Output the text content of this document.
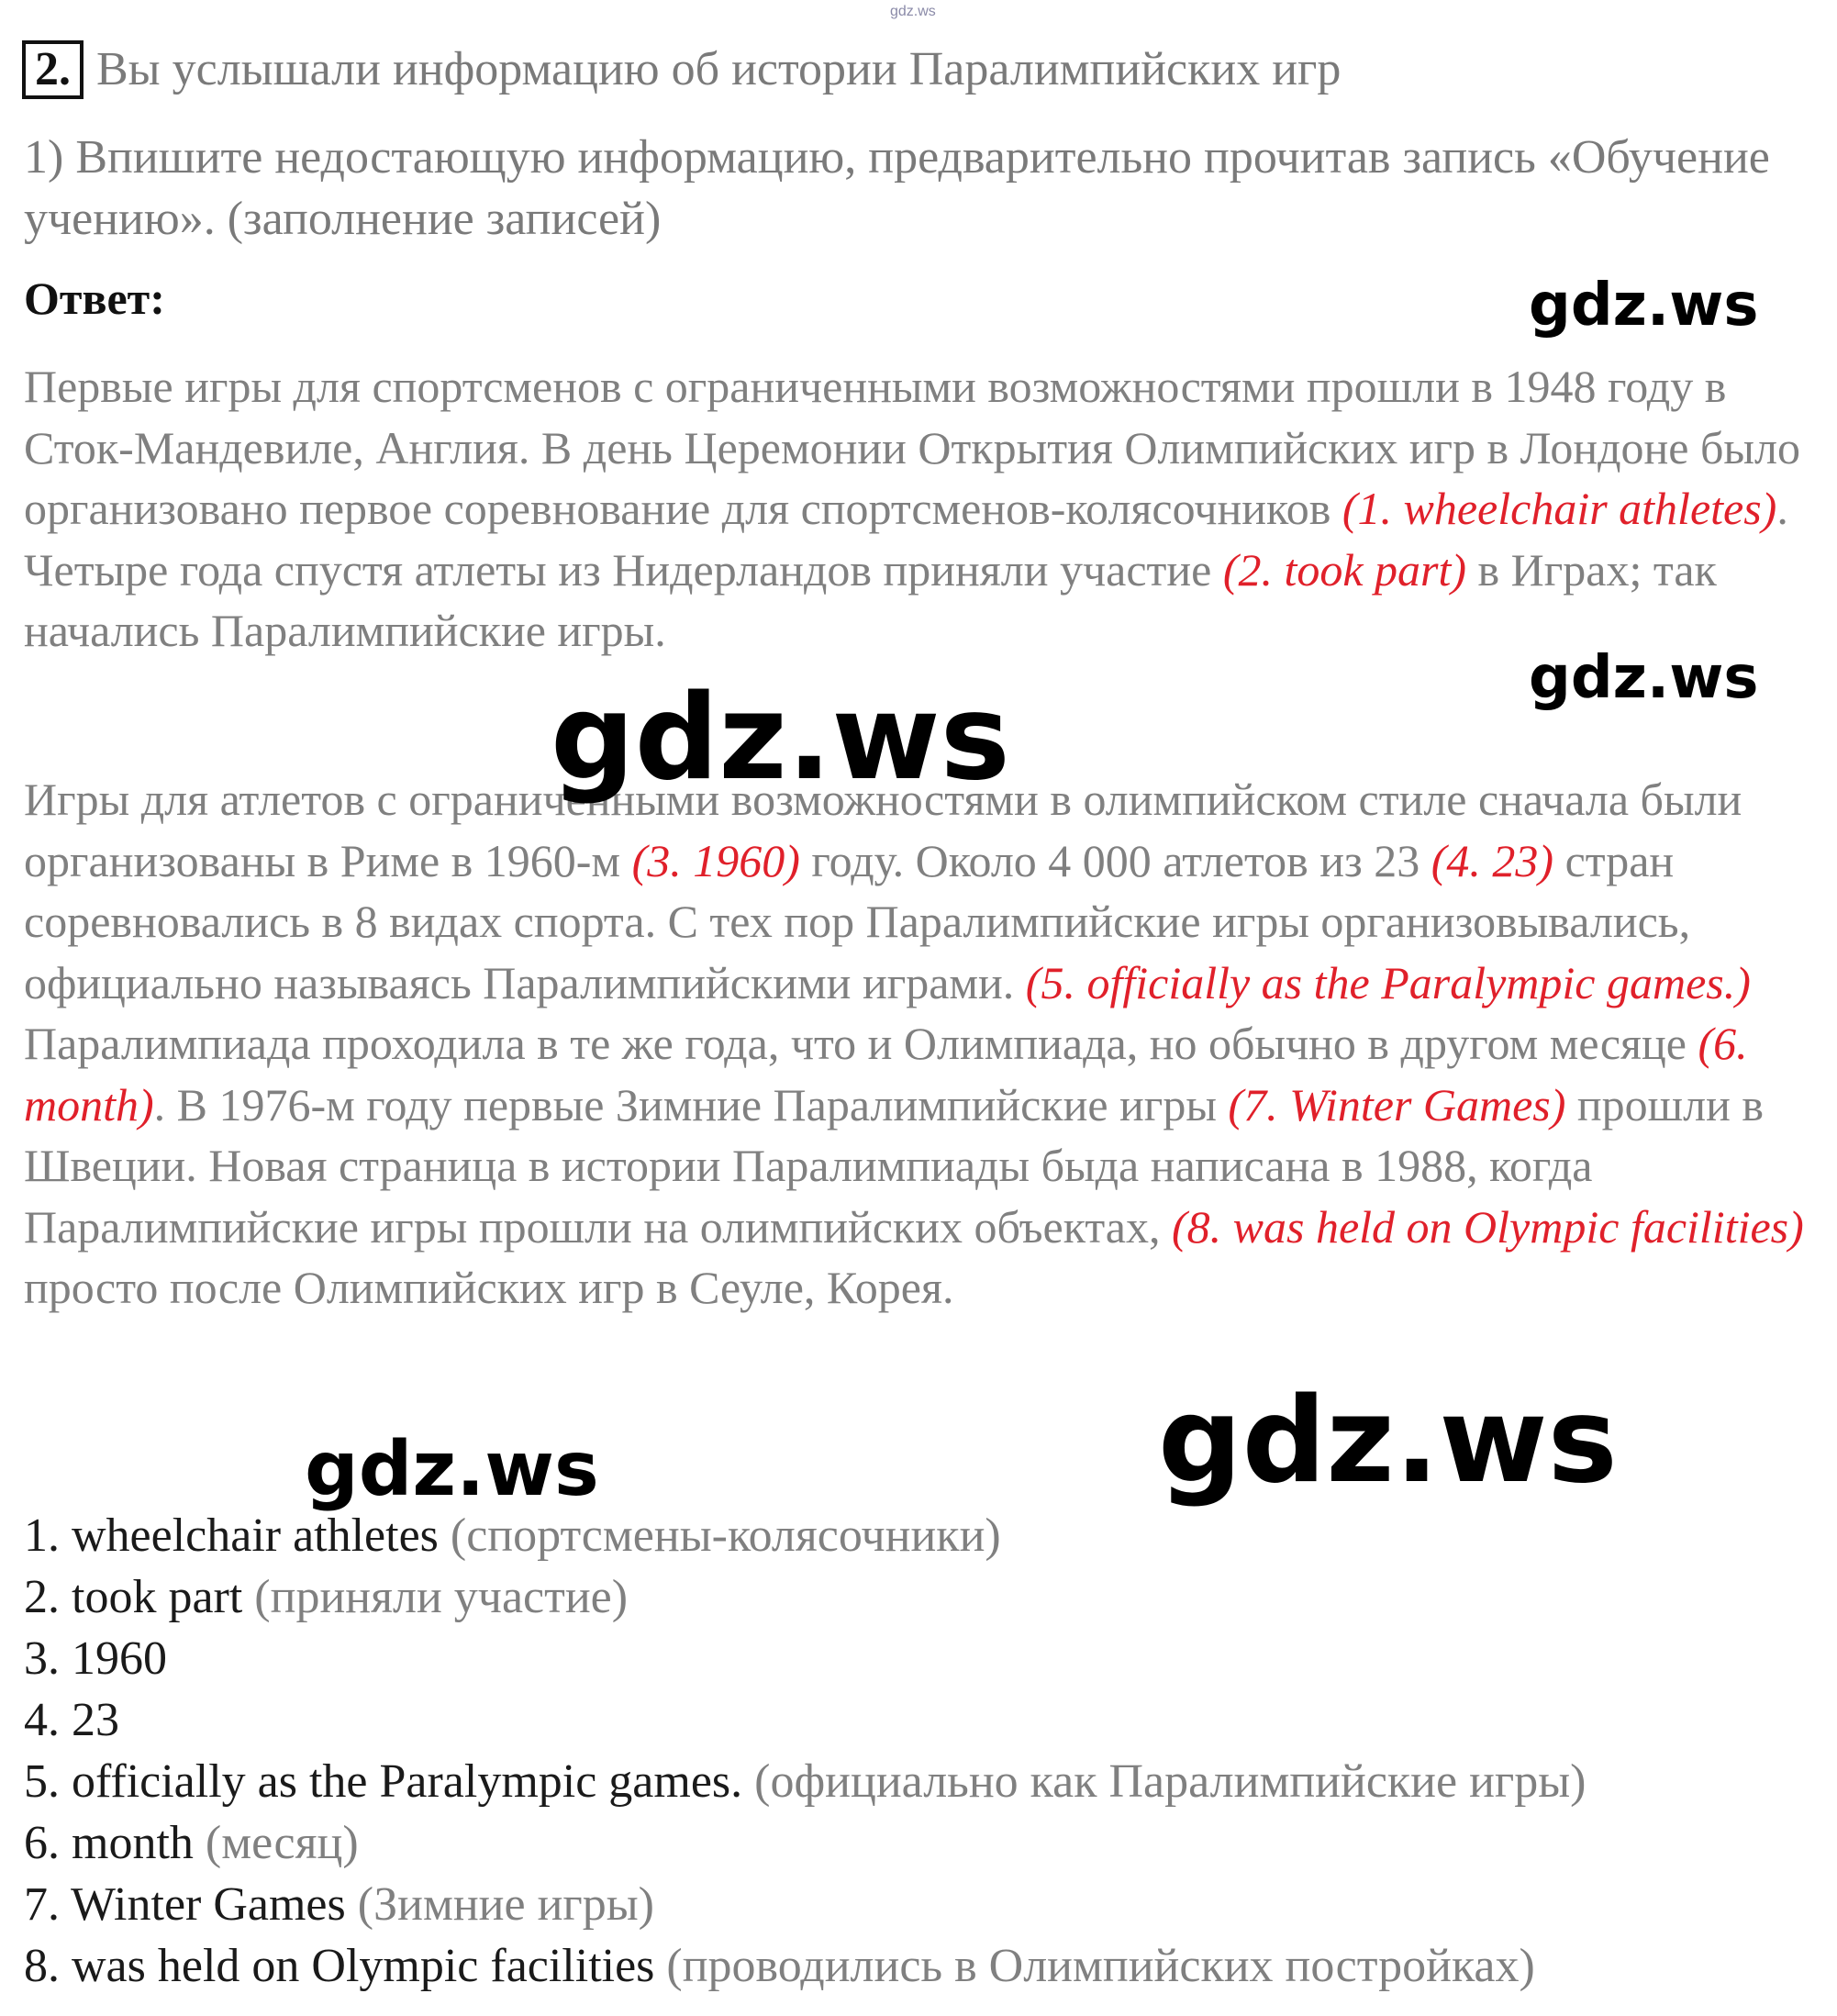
gdz.ws
2. Вы услышали информацию об истории Паралимпийских игр
1) Впишите недостающую информацию, предварительно прочитав запись «Обучение учению». (заполнение записей)
Ответ:
Первые игры для спортсменов с ограниченными возможностями прошли в 1948 году в Сток-Мандевиле, Англия. В день Церемонии Открытия Олимпийских игр в Лондоне было организовано первое соревнование для спортсменов-колясочников (1. wheelchair athletes). Четыре года спустя атлеты из Нидерландов приняли участие (2. took part) в Играх; так начались Паралимпийские игры.
Игры для атлетов с ограниченными возможностями в олимпийском стиле сначала были организованы в Риме в 1960-м (3. 1960) году. Около 4 000 атлетов из 23 (4. 23) стран соревновались в 8 видах спорта. С тех пор Паралимпийские игры организовывались, официально называясь Паралимпийскими играми. (5. officially as the Paralympic games.) Паралимпиада проходила в те же года, что и Олимпиада, но обычно в другом месяце (6. month). В 1976-м году первые Зимние Паралимпийские игры (7. Winter Games) прошли в Швеции. Новая страница в истории Паралимпиады быда написана в 1988, когда Паралимпийские игры прошли на олимпийских объектах, (8. was held on Olympic facilities) просто после Олимпийских игр в Сеуле, Корея.
1. wheelchair athletes (спортсмены-колясочники)
2. took part (приняли участие)
3. 1960
4. 23
5. officially as the Paralympic games. (официально как Паралимпийские игры)
6. month (месяц)
7. Winter Games (Зимние игры)
8. was held on Olympic facilities (проводились в Олимпийских постройках)
gdz.ws
gdz.ws
gdz.ws
gdz.ws
gdz.ws
